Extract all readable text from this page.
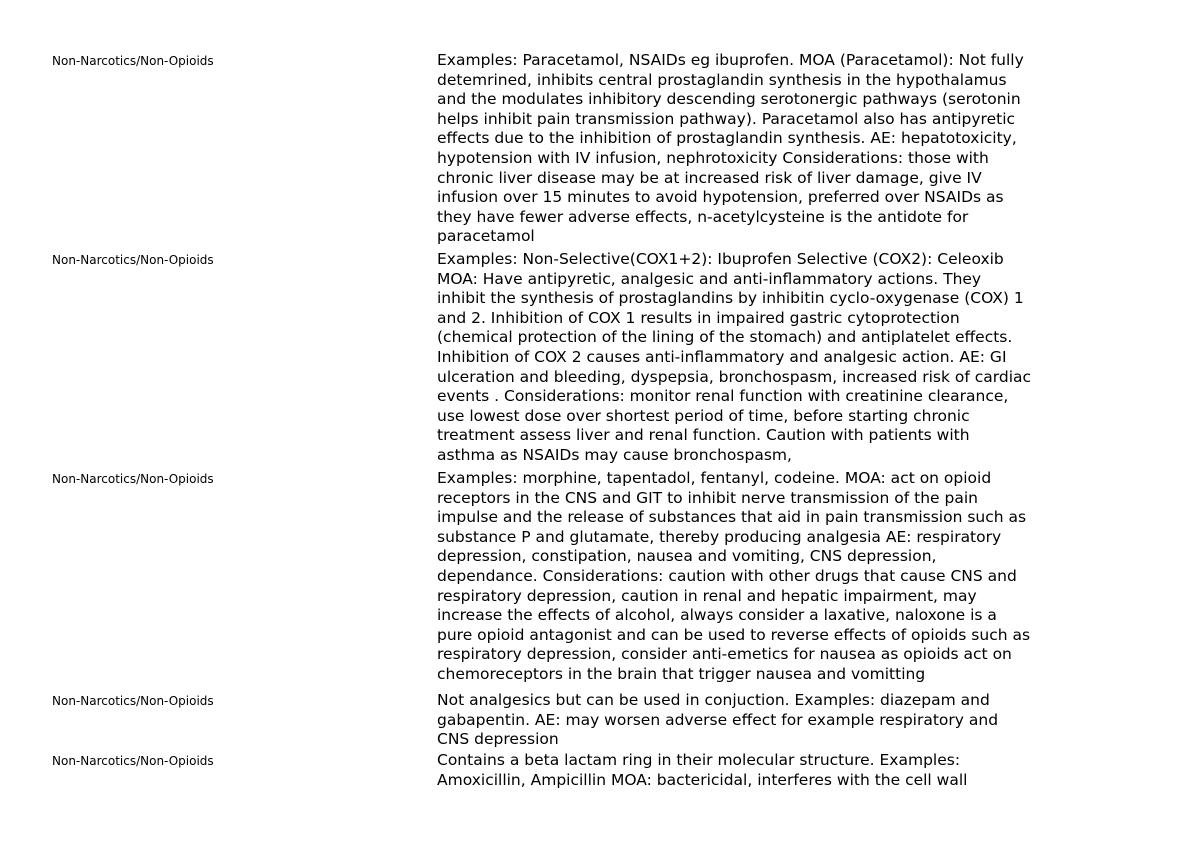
Non-Narcotics/Non-Opioids	Examples: Paracetamol, NSAIDs eg ibuprofen. MOA (Paracetamol): Not fully
detemrined, inhibits central prostaglandin synthesis in the hypothalamus
and the modulates inhibitory descending serotonergic pathways (serotonin
helps inhibit pain transmission pathway). Paracetamol also has antipyretic
effects due to the inhibition of prostaglandin synthesis. AE: hepatotoxicity,
hypotension with IV infusion, nephrotoxicity Considerations: those with
chronic liver disease may be at increased risk of liver damage, give IV
infusion over 15 minutes to avoid hypotension, preferred over NSAIDs as
they have fewer adverse effects, n-acetylcysteine is the antidote for
paracetamol
Non-Narcotics/Non-Opioids	Examples: Non-Selective(COX1+2): Ibuprofen Selective (COX2): Celeoxib
MOA: Have antipyretic, analgesic and anti-inflammatory actions. They
inhibit the synthesis of prostaglandins by inhibitin cyclo-oxygenase (COX) 1
and 2. Inhibition of COX 1 results in impaired gastric cytoprotection
(chemical protection of the lining of the stomach) and antiplatelet effects.
Inhibition of COX 2 causes anti-inflammatory and analgesic action. AE: GI
ulceration and bleeding, dyspepsia, bronchospasm, increased risk of cardiac
events . Considerations: monitor renal function with creatinine clearance,
use lowest dose over shortest period of time, before starting chronic
treatment assess liver and renal function. Caution with patients with
asthma as NSAIDs may cause bronchospasm,
Non-Narcotics/Non-Opioids	Examples: morphine, tapentadol, fentanyl, codeine. MOA: act on opioid
receptors in the CNS and GIT to inhibit nerve transmission of the pain
impulse and the release of substances that aid in pain transmission such as
substance P and glutamate, thereby producing analgesia AE: respiratory
depression, constipation, nausea and vomiting, CNS depression,
dependance. Considerations: caution with other drugs that cause CNS and
respiratory depression, caution in renal and hepatic impairment, may
increase the effects of alcohol, always consider a laxative, naloxone is a
pure opioid antagonist and can be used to reverse effects of opioids such as
respiratory depression, consider anti-emetics for nausea as opioids act on
chemoreceptors in the brain that trigger nausea and vomitting
Non-Narcotics/Non-Opioids	Not analgesics but can be used in conjuction. Examples: diazepam and
gabapentin. AE: may worsen adverse effect for example respiratory and
CNS depression
Non-Narcotics/Non-Opioids	Contains a beta lactam ring in their molecular structure. Examples:
Amoxicillin, Ampicillin MOA: bactericidal, interferes with the cell wall
